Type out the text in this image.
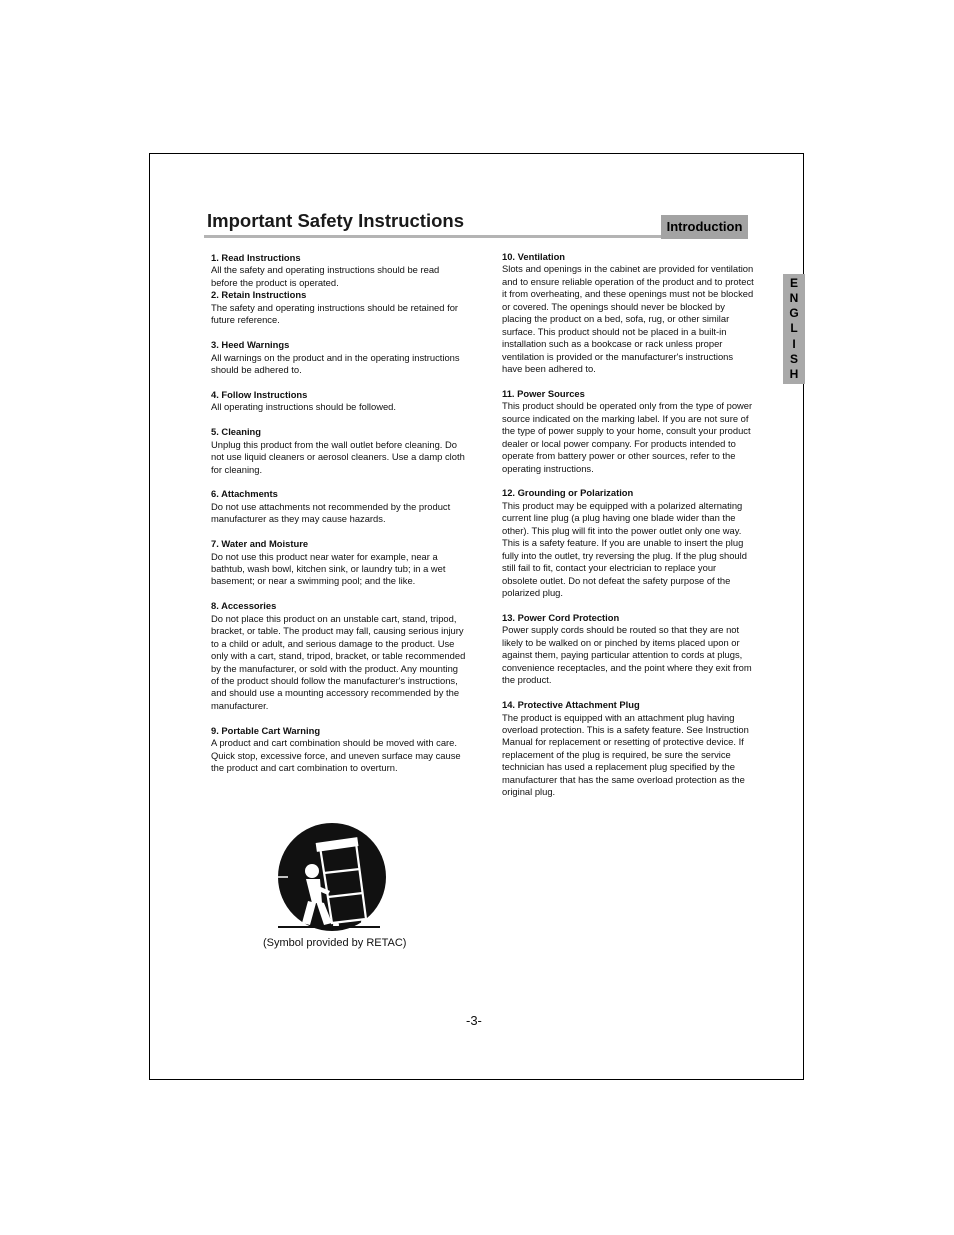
Important Safety Instructions	Introduction
E
N
G
L
I
S
H
1. Read Instructions

All the safety and operating instructions should be read before the product is operated.

2. Retain Instructions

The safety and operating instructions should be retained for future reference.

3. Heed Warnings

All warnings on the product and in the operating instructions should be adhered to.

4. Follow Instructions

All operating instructions should be followed.

5. Cleaning

Unplug this product from the wall outlet before cleaning. Do not use liquid cleaners or aerosol cleaners. Use a damp cloth for cleaning.

6. Attachments

Do not use attachments not recommended by the product manufacturer as they may cause hazards.

7. Water and Moisture

Do not use this product near water for example, near a bathtub, wash bowl, kitchen sink, or laundry tub; in a wet basement; or near a swimming pool; and the like.

8. Accessories

Do not place this product on an unstable cart, stand, tripod, bracket, or table. The product may fall, causing serious injury to a child or adult, and serious damage to the product. Use only with a cart, stand, tripod, bracket, or table recommended by the manufacturer, or sold with the product. Any mounting of the product should follow the manufacturer's instructions, and should use a mounting accessory recommended by the manufacturer.

9. Portable Cart Warning

A product and cart combination should be moved with care. Quick stop, excessive force, and uneven surface may cause the product and cart combination to overturn.

10. Ventilation

Slots and openings in the cabinet are provided for ventilation and to ensure reliable operation of the product and to protect it from overheating, and these openings must not be blocked or covered. The openings should never be blocked by placing the product on a bed, sofa, rug, or other similar surface. This product should not be placed in a built-in installation such as a bookcase or rack unless proper ventilation is provided or the manufacturer's instructions have been adhered to.

11. Power Sources

This product should be operated only from the type of power source indicated on the marking label. If you are not sure of the type of power supply to your home, consult your product dealer or local power company. For products intended to operate from battery power or other sources, refer to the operating instructions.

12. Grounding or Polarization

This product may be equipped with a polarized alternating current line plug (a plug having one blade wider than the other). This plug will fit into the power outlet only one way. This is a safety feature. If you are unable to insert the plug fully into the outlet, try reversing the plug. If the plug should still fail to fit, contact your electrician to replace your obsolete outlet. Do not defeat the safety purpose of the polarized plug.

13. Power Cord Protection

Power supply cords should be routed so that they are not likely to be walked on or pinched by items placed upon or against them, paying particular attention to cords at plugs, convenience receptacles, and the point where they exit from the product.

14. Protective Attachment Plug

The product is equipped with an attachment plug having overload protection. This is a safety feature. See Instruction Manual for replacement or resetting of protective device. If replacement of the plug is required, be sure the service technician has used a replacement plug specified by the manufacturer that has the same overload protection as the original plug.

(Symbol provided by RETAC)
-3-
